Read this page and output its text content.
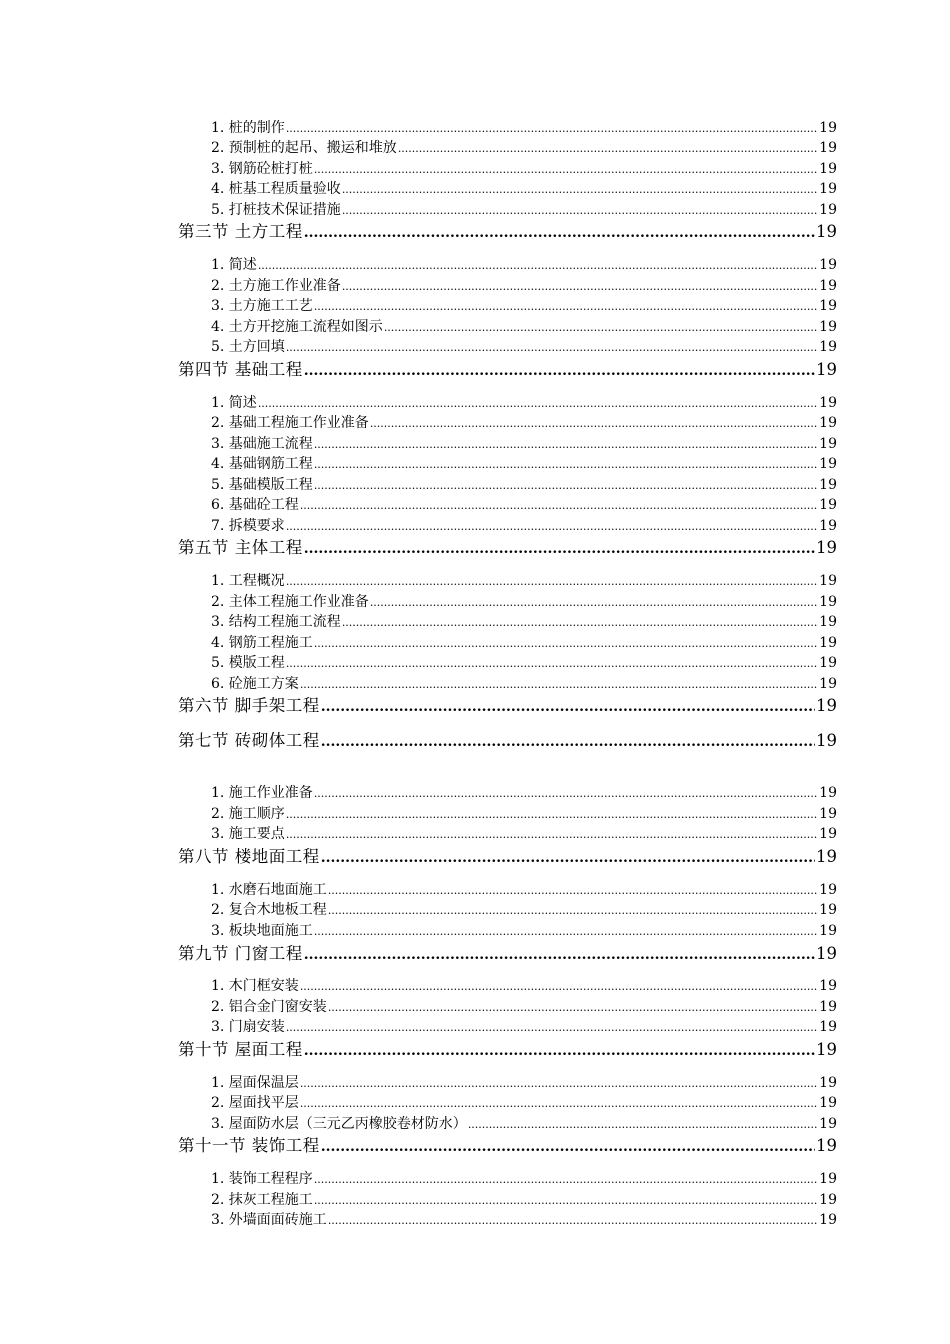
1. 桩的制作 .....	19
2. 预制桩的起吊、搬运和堆放 .....	19
3. 钢筋砼桩打桩 .....	19
4. 桩基工程质量验收 .....	19
5. 打桩技术保证措施 .....	19
第三节 土方工程 .....	19
1. 简述 .....	19
2. 土方施工作业准备 .....	19
3. 土方施工工艺 .....	19
4. 土方开挖施工流程如图示 .....	19
5. 土方回填 .....	19
第四节 基础工程 .....	19
1. 简述 .....	19
2. 基础工程施工作业准备 .....	19
3. 基础施工流程 .....	19
4. 基础钢筋工程 .....	19
5. 基础模版工程 .....	19
6. 基础砼工程 .....	19
7. 拆模要求 .....	19
第五节 主体工程 .....	19
1. 工程概况 .....	19
2. 主体工程施工作业准备 .....	19
3. 结构工程施工流程 .....	19
4. 钢筋工程施工 .....	19
5. 模版工程 .....	19
6. 砼施工方案 .....	19
第六节 脚手架工程 .....	19
第七节 砖砌体工程 .....	19
1. 施工作业准备 .....	19
2. 施工顺序 .....	19
3. 施工要点 .....	19
第八节 楼地面工程 .....	19
1. 水磨石地面施工 .....	19
2. 复合木地板工程 .....	19
3. 板块地面施工 .....	19
第九节 门窗工程 .....	19
1. 木门框安装 .....	19
2. 铝合金门窗安装 .....	19
3. 门扇安装 .....	19
第十节 屋面工程 .....	19
1. 屋面保温层 .....	19
2. 屋面找平层 .....	19
3. 屋面防水层（三元乙丙橡胶卷材防水） .....	19
第十一节 装饰工程 .....	19
1. 装饰工程程序 .....	19
2. 抹灰工程施工 .....	19
3. 外墙面面砖施工 .....	19
